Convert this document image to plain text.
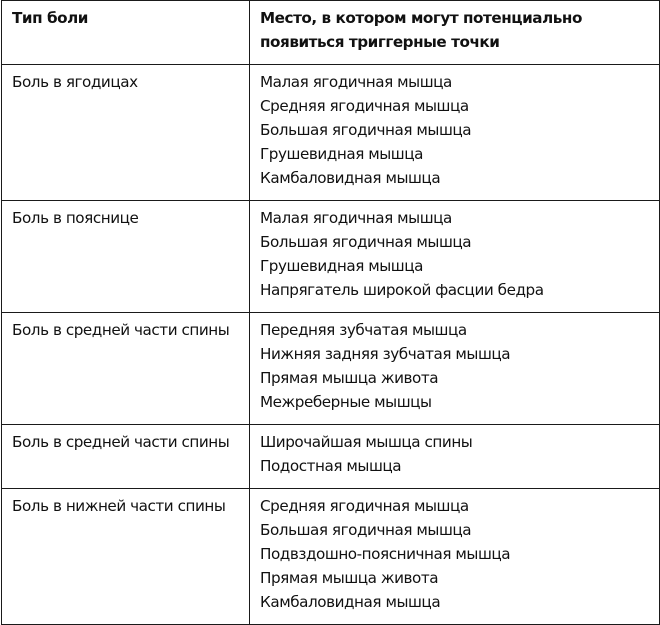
Тип боли	Место, в котором могут потенциально появиться триггерные точки
Боль в ягодицах	Малая ягодичная мышца
Средняя ягодичная мышца
Большая ягодичная мышца
Грушевидная мышца
Камбаловидная мышца

Боль в пояснице	Малая ягодичная мышца
Большая ягодичная мышца
Грушевидная мышца
Напрягатель широкой фасции бедра

Боль в средней части спины	Передняя зубчатая мышца
Нижняя задняя зубчатая мышца
Прямая мышца живота
Межреберные мышцы

Боль в средней части спины	Широчайшая мышца спины
Подостная мышца

Боль в нижней части спины	Средняя ягодичная мышца
Большая ягодичная мышца
Подвздошно-поясничная мышца
Прямая мышца живота
Камбаловидная мышца
